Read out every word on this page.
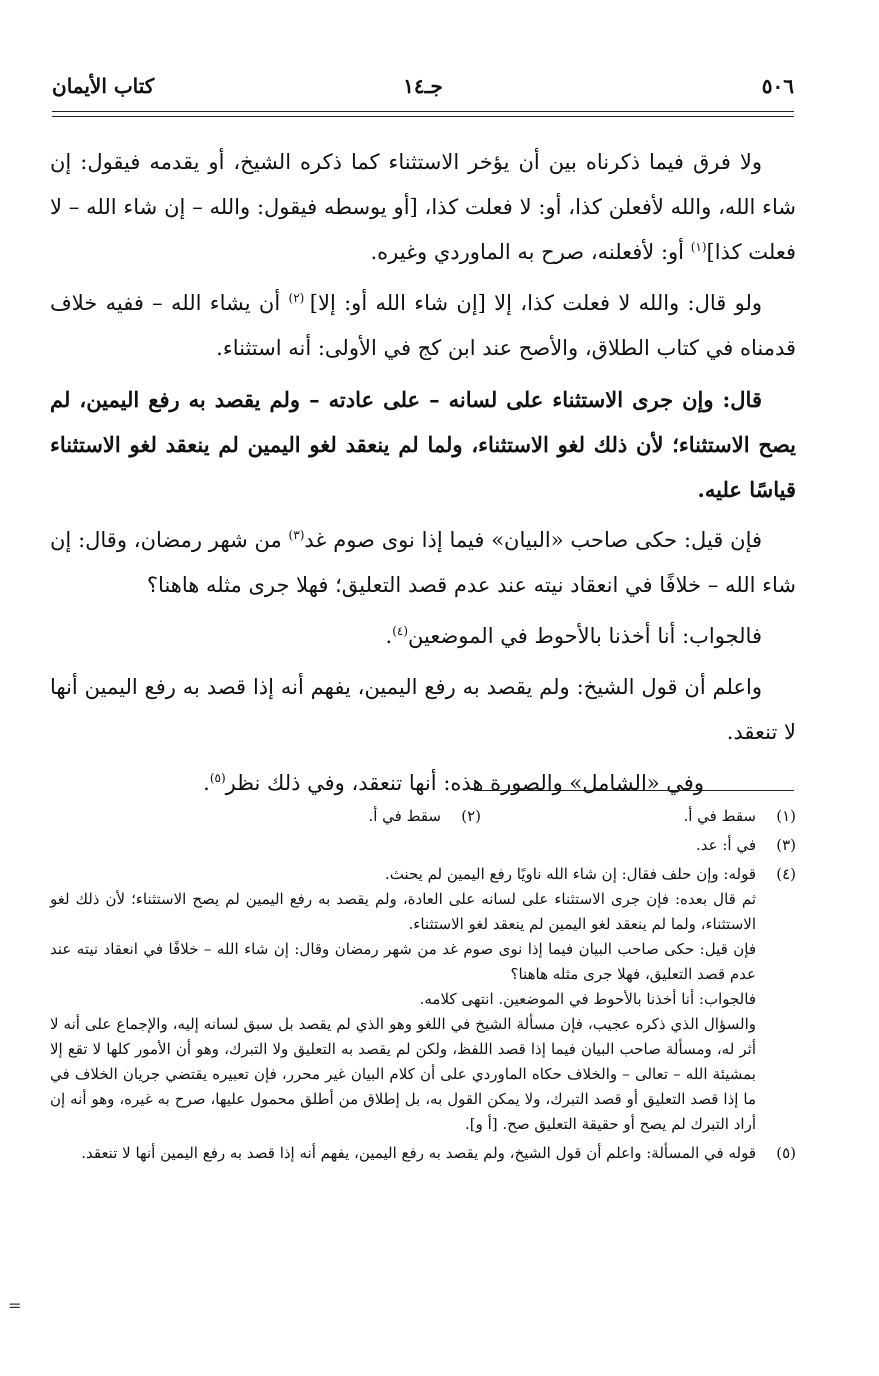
٥٠٦
جـ١٤
كتاب الأيمان

ولا فرق فيما ذكرناه بين أن يؤخر الاستثناء كما ذكره الشيخ، أو يقدمه فيقول: إن شاء الله، والله لأفعلن كذا، أو: لا فعلت كذا، [أو يوسطه فيقول: والله – إن شاء الله – لا فعلت كذا]$^{(١)}$ أو: لأفعلنه، صرح به الماوردي وغيره.

ولو قال: والله لا فعلت كذا، إلا [إن شاء الله أو: إلا] $^{(٢)}$ أن يشاء الله – ففيه خلاف قدمناه في كتاب الطلاق، والأصح عند ابن كج في الأولى: أنه استثناء.

قال: وإن جرى الاستثناء على لسانه – على عادته – ولم يقصد به رفع اليمين، لم يصح الاستثناء؛ لأن ذلك لغو الاستثناء، ولما لم ينعقد لغو اليمين لم ينعقد لغو الاستثناء قياسًا عليه.

فإن قيل: حكى صاحب «البيان» فيما إذا نوى صوم غد$^{(٣)}$ من شهر رمضان، وقال: إن شاء الله – خلافًا في انعقاد نيته عند عدم قصد التعليق؛ فهلا جرى مثله هاهنا؟

فالجواب: أنا أخذنا بالأحوط في الموضعين$^{(٤)}$.

واعلم أن قول الشيخ: ولم يقصد به رفع اليمين، يفهم أنه إذا قصد به رفع اليمين أنها لا تنعقد.

وفي «الشامل» والصورة هذه: أنها تنعقد، وفي ذلك نظر$^{(٥)}$.

(١)

سقط في أ.

(٢)

سقط في أ.

(٣)

في أ: عد.

(٤)

قوله: وإن حلف فقال: إن شاء الله ناويًا رفع اليمين لم يحنث.

ثم قال بعده: فإن جرى الاستثناء على لسانه على العادة، ولم يقصد به رفع اليمين لم يصح الاستثناء؛ لأن ذلك لغو الاستثناء، ولما لم ينعقد لغو اليمين لم ينعقد لغو الاستثناء.

فإن قيل: حكى صاحب البيان فيما إذا نوى صوم غد من شهر رمضان وقال: إن شاء الله – خلافًا في انعقاد نيته عند عدم قصد التعليق، فهلا جرى مثله هاهنا؟

فالجواب: أنا أخذنا بالأحوط في الموضعين. انتهى كلامه.

والسؤال الذي ذكره عجيب، فإن مسألة الشيخ في اللغو وهو الذي لم يقصد بل سبق لسانه إليه، والإجماع على أنه لا أثر له، ومسألة صاحب البيان فيما إذا قصد اللفظ، ولكن لم يقصد به التعليق ولا التبرك، وهو أن الأمور كلها لا تقع إلا بمشيئة الله – تعالى – والخلاف حكاه الماوردي على أن كلام البيان غير محرر، فإن تعبيره يقتضي جريان الخلاف في ما إذا قصد التعليق أو قصد التبرك، ولا يمكن القول به، بل إطلاق من أطلق محمول عليها، صرح به غيره، وهو أنه إن أراد التبرك لم يصح أو حقيقة التعليق صح. [أ و].

(٥)

قوله في المسألة: واعلم أن قول الشيخ، ولم يقصد به رفع اليمين، يفهم أنه إذا قصد به رفع اليمين أنها لا تنعقد.

=
